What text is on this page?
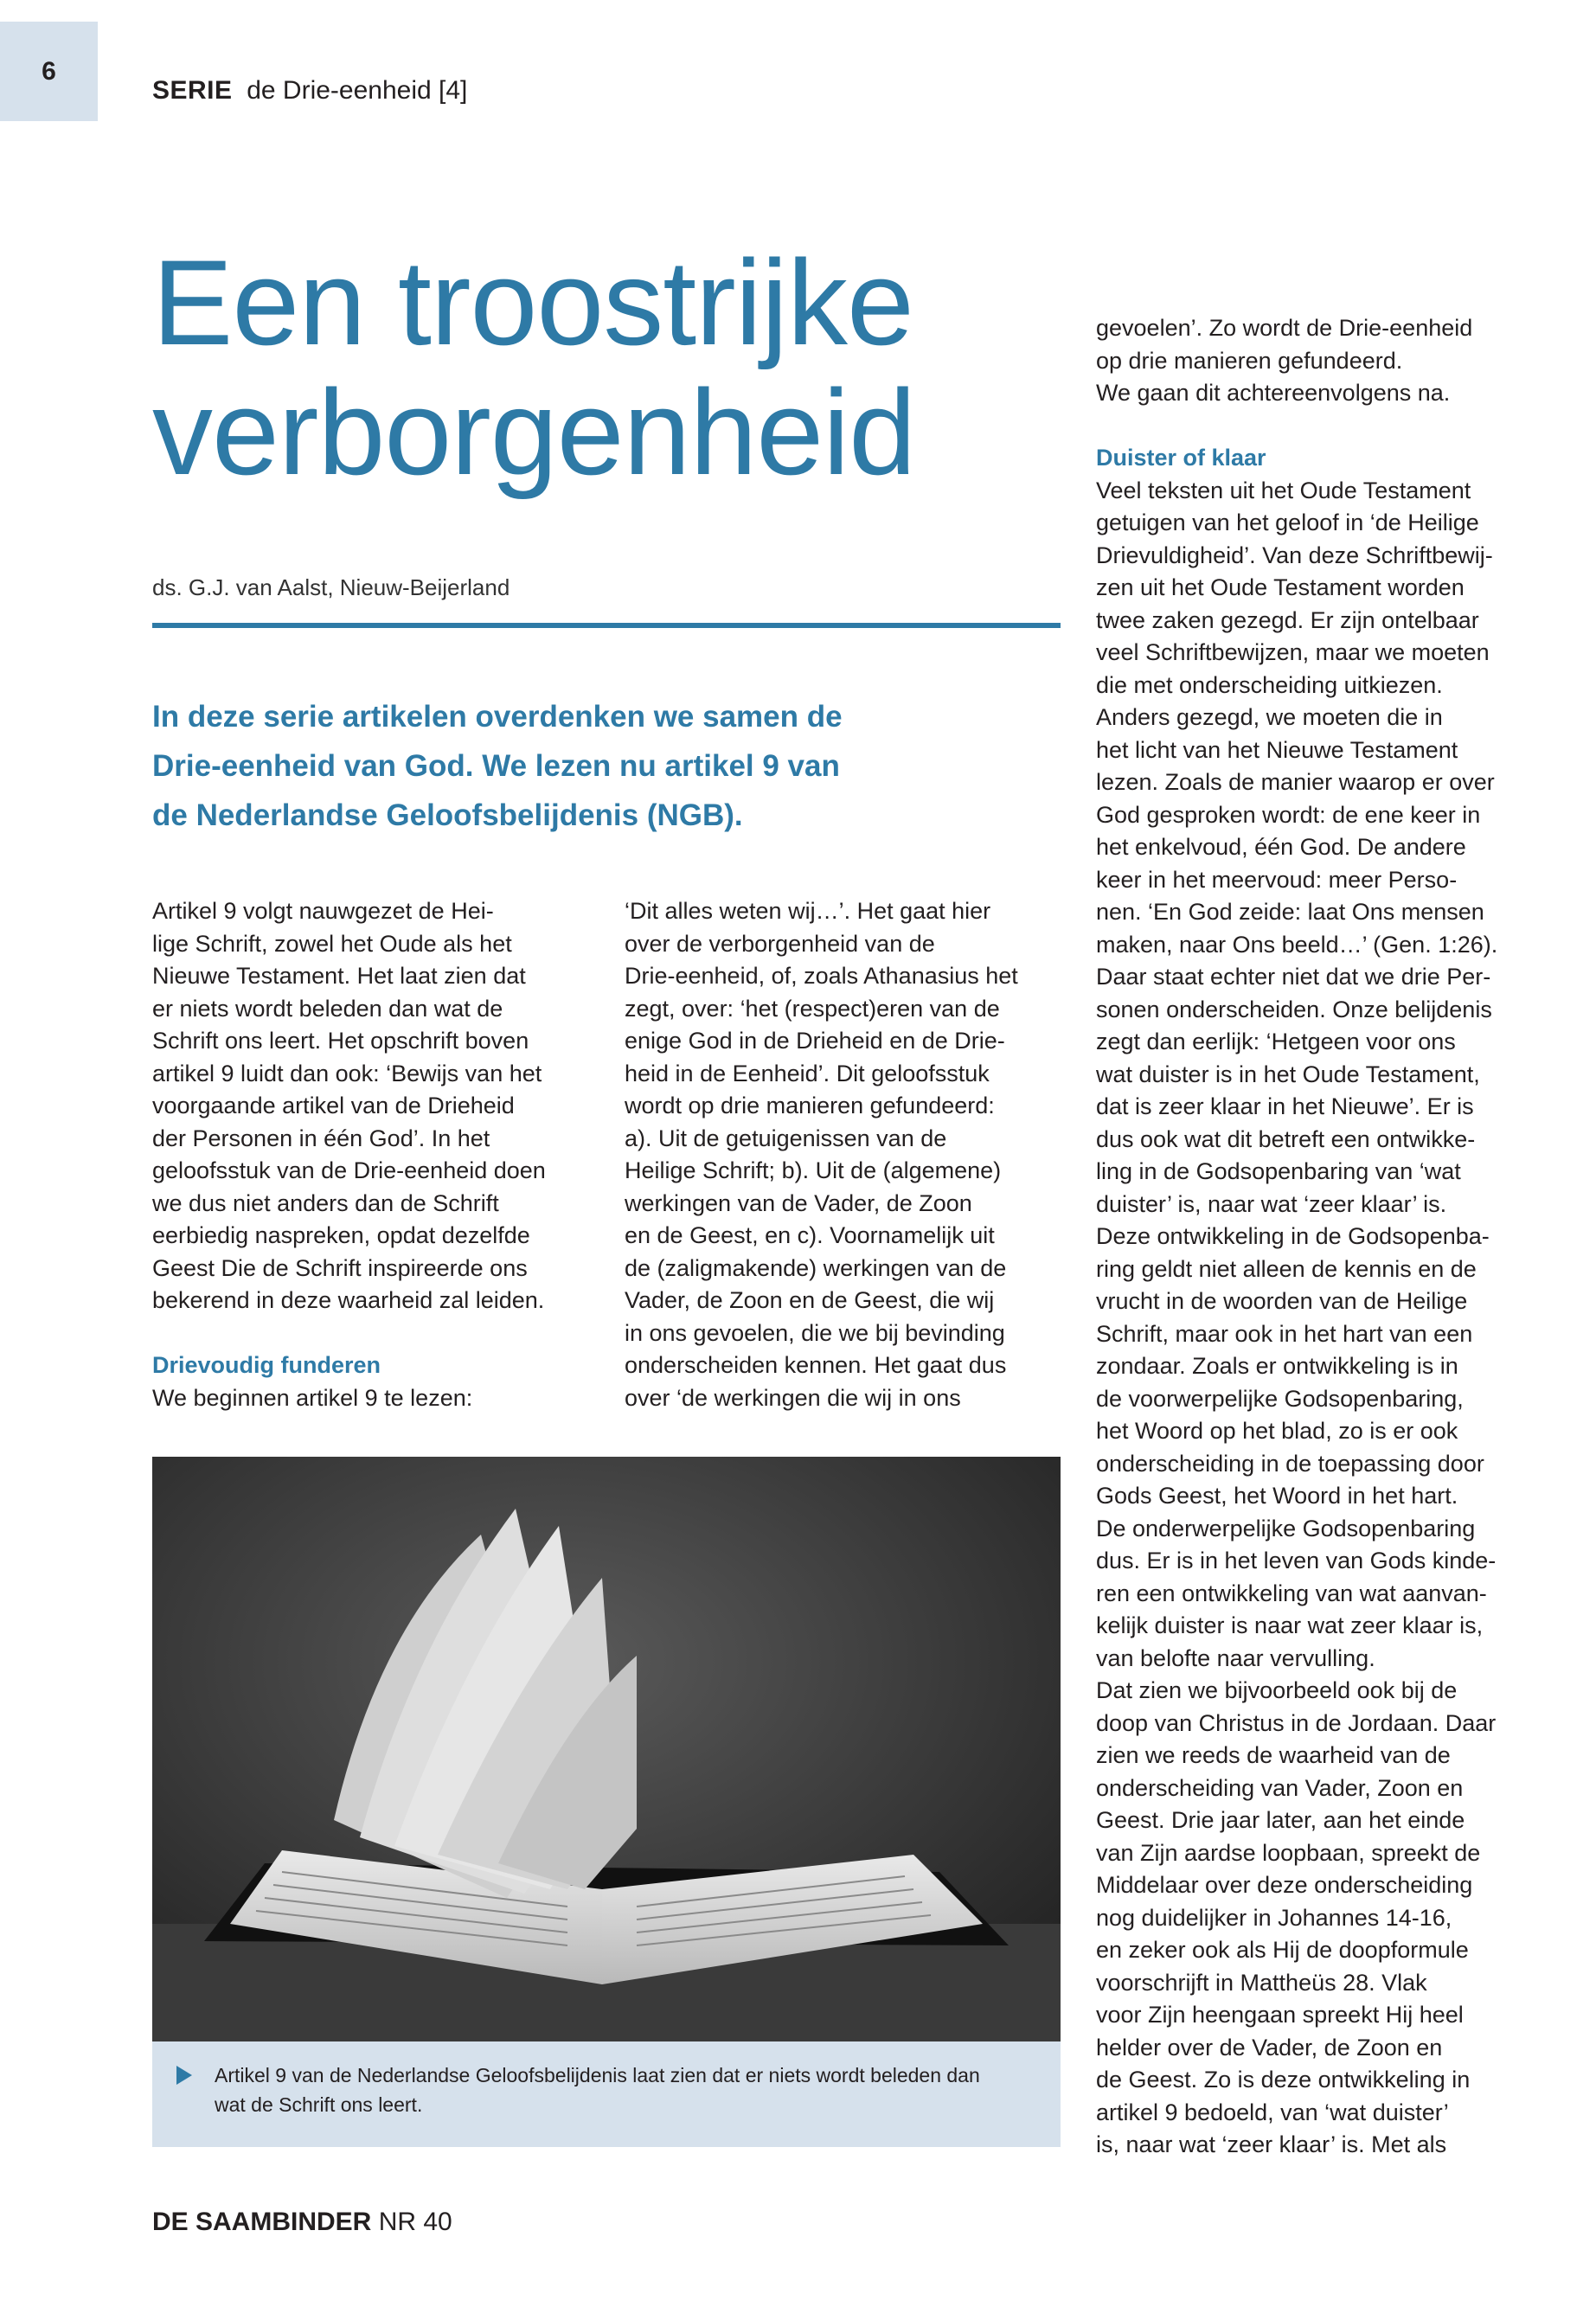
6
SERIE de Drie-eenheid [4]
Een troostrijke
verborgenheid
ds. G.J. van Aalst, Nieuw-Beijerland
In deze serie artikelen overdenken we samen de
Drie-eenheid van God. We lezen nu artikel 9 van
de Nederlandse Geloofsbelijdenis (NGB).
Artikel 9 volgt nauwgezet de Hei-
lige Schrift, zowel het Oude als het
Nieuwe Testament. Het laat zien dat
er niets wordt beleden dan wat de
Schrift ons leert. Het opschrift boven
artikel 9 luidt dan ook: ‘Bewijs van het
voorgaande artikel van de Drieheid
der Personen in één God’. In het
geloofsstuk van de Drie-eenheid doen
we dus niet anders dan de Schrift
eerbiedig naspreken, opdat dezelfde
Geest Die de Schrift inspireerde ons
bekerend in deze waarheid zal leiden.
Drievoudig funderen
We beginnen artikel 9 te lezen:
‘Dit alles weten wij…’. Het gaat hier
over de verborgenheid van de
Drie-eenheid, of, zoals Athanasius het
zegt, over: ‘het (respect)eren van de
enige God in de Drieheid en de Drie-
heid in de Eenheid’. Dit geloofsstuk
wordt op drie manieren gefundeerd:
a). Uit de getuigenissen van de
Heilige Schrift; b). Uit de (algemene)
werkingen van de Vader, de Zoon
en de Geest, en c). Voornamelijk uit
de (zaligmakende) werkingen van de
Vader, de Zoon en de Geest, die wij
in ons gevoelen, die we bij bevinding
onderscheiden kennen. Het gaat dus
over ‘de werkingen die wij in ons
gevoelen’. Zo wordt de Drie-eenheid
op drie manieren gefundeerd.
We gaan dit achtereenvolgens na.
Duister of klaar
Veel teksten uit het Oude Testament
getuigen van het geloof in ‘de Heilige
Drievuldigheid’. Van deze Schriftbewij-
zen uit het Oude Testament worden
twee zaken gezegd. Er zijn ontelbaar
veel Schriftbewijzen, maar we moeten
die met onderscheiding uitkiezen.
Anders gezegd, we moeten die in
het licht van het Nieuwe Testament
lezen. Zoals de manier waarop er over
God gesproken wordt: de ene keer in
het enkelvoud, één God. De andere
keer in het meervoud: meer Perso-
nen. ‘En God zeide: laat Ons mensen
maken, naar Ons beeld…’ (Gen. 1:26).
Daar staat echter niet dat we drie Per-
sonen onderscheiden. Onze belijdenis
zegt dan eerlijk: ‘Hetgeen voor ons
wat duister is in het Oude Testament,
dat is zeer klaar in het Nieuwe’. Er is
dus ook wat dit betreft een ontwikke-
ling in de Godsopenbaring van ‘wat
duister’ is, naar wat ‘zeer klaar’ is.
Deze ontwikkeling in de Godsopenba-
ring geldt niet alleen de kennis en de
vrucht in de woorden van de Heilige
Schrift, maar ook in het hart van een
zondaar. Zoals er ontwikkeling is in
de voorwerpelijke Godsopenbaring,
het Woord op het blad, zo is er ook
onderscheiding in de toepassing door
Gods Geest, het Woord in het hart.
De onderwerpelijke Godsopenbaring
dus. Er is in het leven van Gods kinde-
ren een ontwikkeling van wat aanvan-
kelijk duister is naar wat zeer klaar is,
van belofte naar vervulling.
Dat zien we bijvoorbeeld ook bij de
doop van Christus in de Jordaan. Daar
zien we reeds de waarheid van de
onderscheiding van Vader, Zoon en
Geest. Drie jaar later, aan het einde
van Zijn aardse loopbaan, spreekt de
Middelaar over deze onderscheiding
nog duidelijker in Johannes 14-16,
en zeker ook als Hij de doopformule
voorschrijft in Mattheüs 28. Vlak
voor Zijn heengaan spreekt Hij heel
helder over de Vader, de Zoon en
de Geest. Zo is deze ontwikkeling in
artikel 9 bedoeld, van ‘wat duister’
is, naar wat ‘zeer klaar’ is. Met als
Artikel 9 van de Nederlandse Geloofsbelijdenis laat zien dat er niets wordt beleden dan
wat de Schrift ons leert.
DE SAAMBINDER NR 40
